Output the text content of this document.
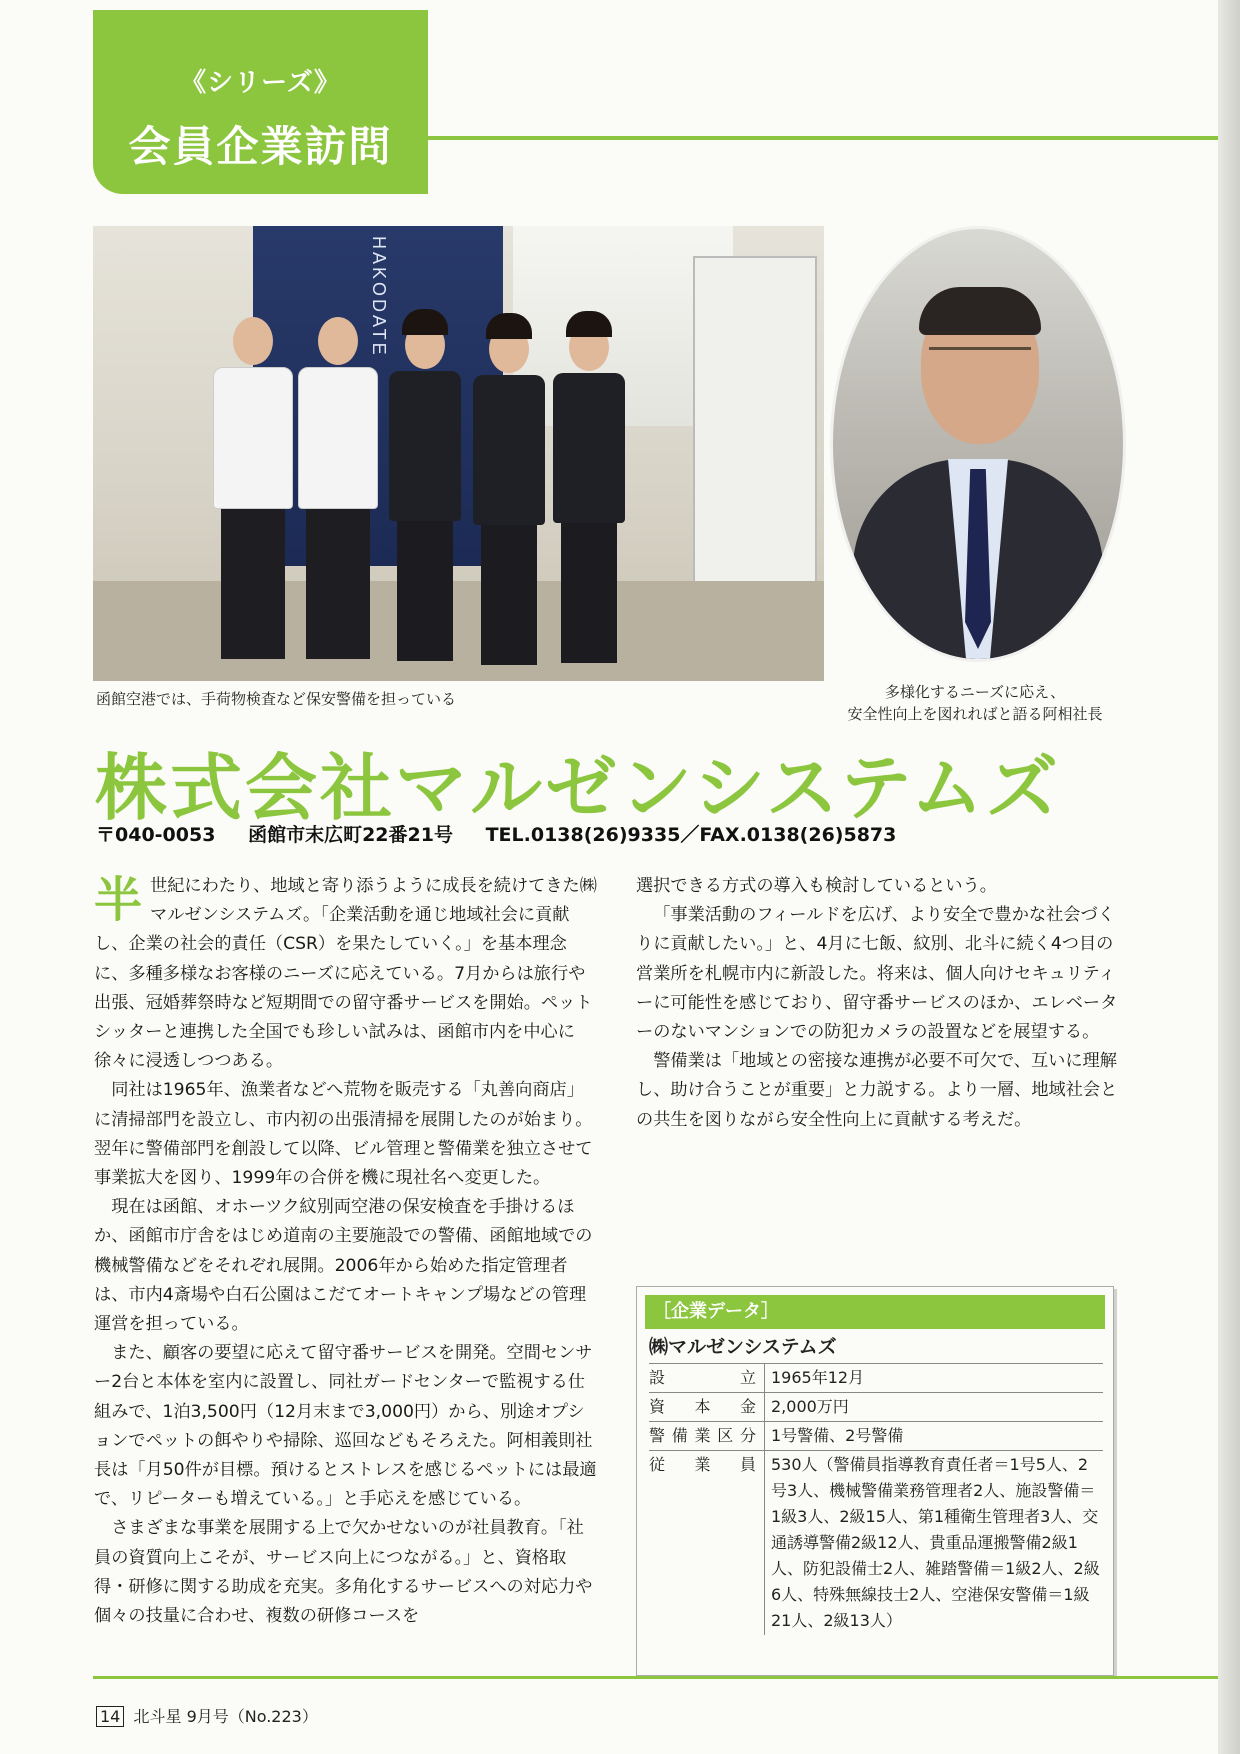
《シリーズ》
会員企業訪問
HAKODATE
函館空港では、手荷物検査など保安警備を担っている	多様化するニーズに応え、
安全性向上を図れればと語る阿相社長
株式会社マルゼンシステムズ
〒040-0053 函館市末広町22番21号 TEL.0138(26)9335／FAX.0138(26)5873
半 世紀にわたり、地域と寄り添うように成長を続けてきた㈱マルゼンシステムズ。「企業活動を通じ地域社会に貢献し、企業の社会的責任（CSR）を果たしていく。」を基本理念に、多種多様なお客様のニーズに応えている。7月からは旅行や出張、冠婚葬祭時など短期間での留守番サービスを開始。ペットシッターと連携した全国でも珍しい試みは、函館市内を中心に徐々に浸透しつつある。

同社は1965年、漁業者などへ荒物を販売する「丸善向商店」に清掃部門を設立し、市内初の出張清掃を展開したのが始まり。翌年に警備部門を創設して以降、ビル管理と警備業を独立させて事業拡大を図り、1999年の合併を機に現社名へ変更した。

現在は函館、オホーツク紋別両空港の保安検査を手掛けるほか、函館市庁舎をはじめ道南の主要施設での警備、函館地域での機械警備などをそれぞれ展開。2006年から始めた指定管理者は、市内4斎場や白石公園はこだてオートキャンプ場などの管理運営を担っている。

また、顧客の要望に応えて留守番サービスを開発。空間センサー2台と本体を室内に設置し、同社ガードセンターで監視する仕組みで、1泊3,500円（12月末まで3,000円）から、別途オプションでペットの餌やりや掃除、巡回などもそろえた。阿相義則社長は「月50件が目標。預けるとストレスを感じるペットには最適で、リピーターも増えている。」と手応えを感じている。

さまざまな事業を展開する上で欠かせないのが社員教育。「社員の資質向上こそが、サービス向上につながる。」と、資格取得・研修に関する助成を充実。多角化するサービスへの対応力や個々の技量に合わせ、複数の研修コースを

選択できる方式の導入も検討しているという。

「事業活動のフィールドを広げ、より安全で豊かな社会づくりに貢献したい。」と、4月に七飯、紋別、北斗に続く4つ目の営業所を札幌市内に新設した。将来は、個人向けセキュリティーに可能性を感じており、留守番サービスのほか、エレベーターのないマンションでの防犯カメラの設置などを展望する。

警備業は「地域との密接な連携が必要不可欠で、互いに理解し、助け合うことが重要」と力説する。より一層、地域社会との共生を図りながら安全性向上に貢献する考えだ。

［企業データ］
㈱マルゼンシステムズ
設立 1965年12月
資本金 2,000万円
警備業区分 1号警備、2号警備
従業員 530人（警備員指導教育責任者＝1号5人、2号3人、機械警備業務管理者2人、施設警備＝1級3人、2級15人、第1種衛生管理者3人、交通誘導警備2級12人、貴重品運搬警備2級1人、防犯設備士2人、雑踏警備＝1級2人、2級6人、特殊無線技士2人、空港保安警備＝1級21人、2級13人）
14 北斗星 9月号（No.223）
